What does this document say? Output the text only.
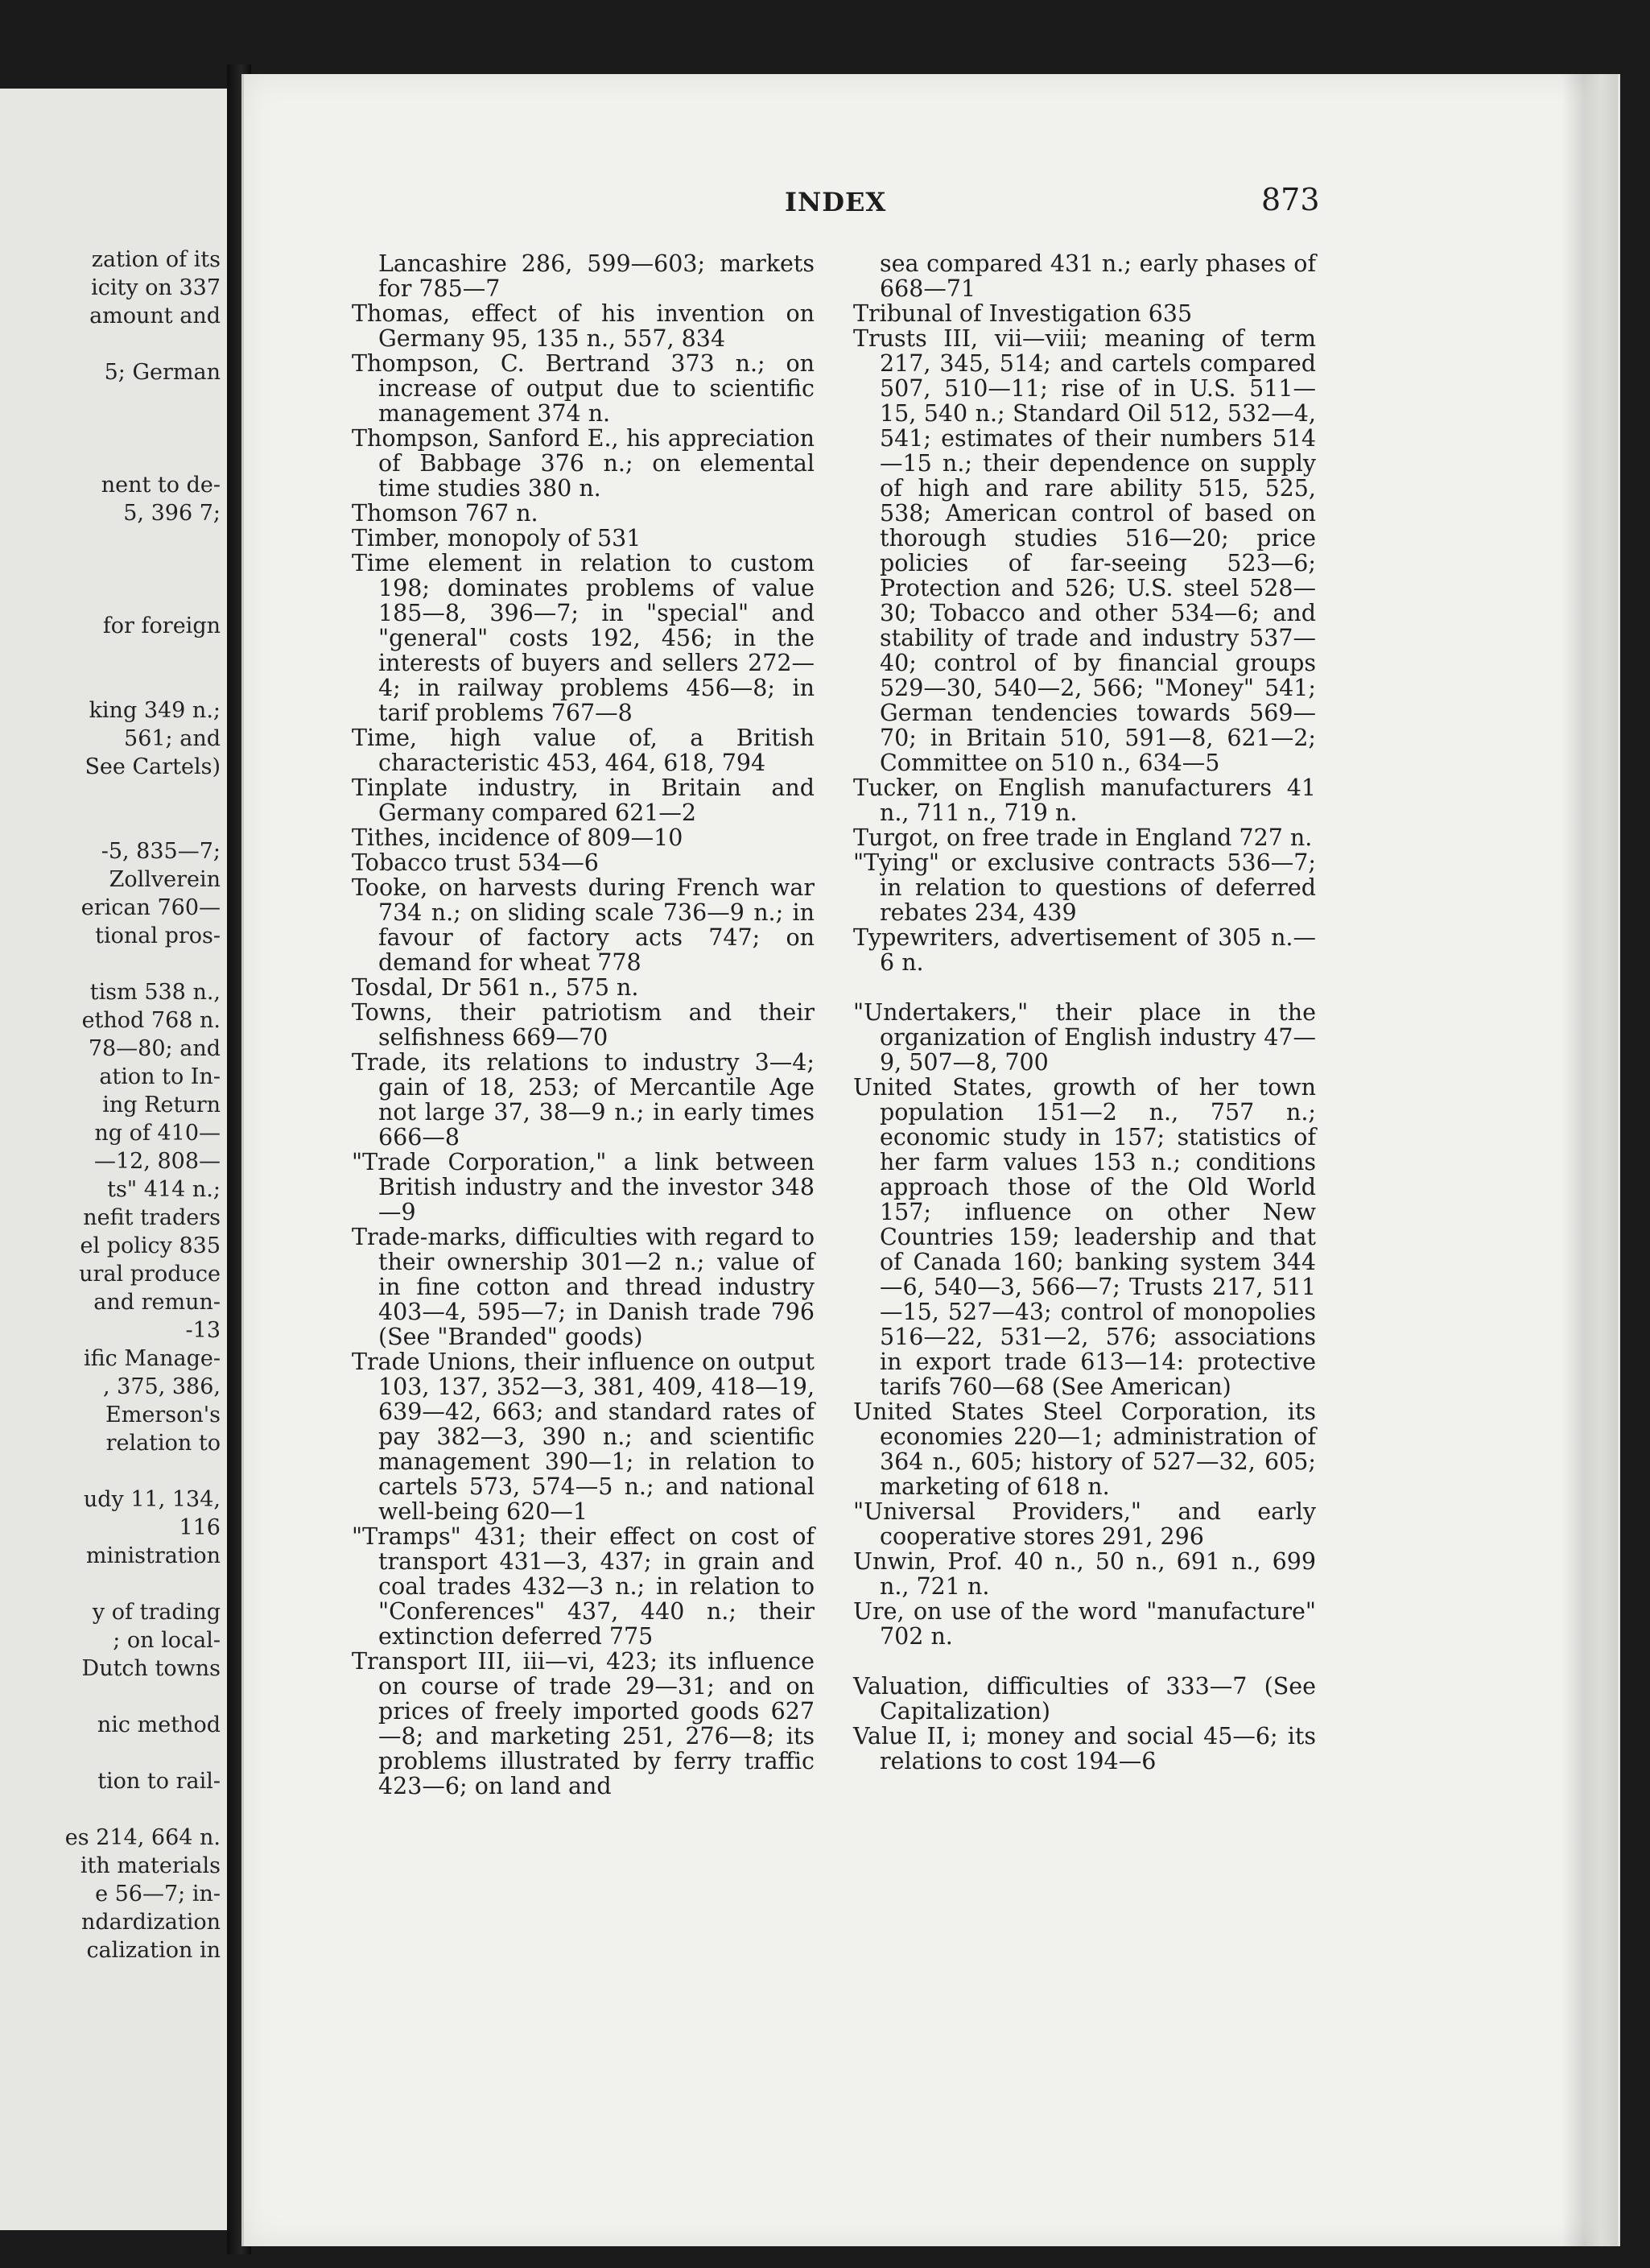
zation of its
icity on 337
amount and
5; German
nent to de-
5, 396 7;
for foreign
king 349 n.;
561; and
See Cartels)
-5, 835—7;
Zollverein
erican 760—
tional pros-
tism 538 n.,
ethod 768 n.
78—80; and
ation to In-
ing Return
ng of 410—
—12, 808—
ts" 414 n.;
nefit traders
el policy 835
ural produce
and remun-
-13
ific Manage-
, 375, 386,
Emerson's
relation to
udy 11, 134,
116
ministration
y of trading
; on local-
Dutch towns
nic method
tion to rail-
es 214, 664 n.
ith materials
e 56—7; in-
ndardization
calization in
INDEX	873

Lancashire 286, 599—603; markets for 785—7

Thomas, effect of his invention on Germany 95, 135 n., 557, 834

Thompson, C. Bertrand 373 n.; on increase of output due to scientific management 374 n.

Thompson, Sanford E., his appreciation of Babbage 376 n.; on elemental time studies 380 n.

Thomson 767 n.

Timber, monopoly of 531

Time element in relation to custom 198; dominates problems of value 185—8, 396—7; in "special" and "general" costs 192, 456; in the interests of buyers and sellers 272—4; in railway problems 456—8; in tarif problems 767—8

Time, high value of, a British characteristic 453, 464, 618, 794

Tinplate industry, in Britain and Germany compared 621—2

Tithes, incidence of 809—10

Tobacco trust 534—6

Tooke, on harvests during French war 734 n.; on sliding scale 736—9 n.; in favour of factory acts 747; on demand for wheat 778

Tosdal, Dr 561 n., 575 n.

Towns, their patriotism and their selfishness 669—70

Trade, its relations to industry 3—4; gain of 18, 253; of Mercantile Age not large 37, 38—9 n.; in early times 666—8

"Trade Corporation," a link between British industry and the investor 348—9

Trade-marks, difficulties with regard to their ownership 301—2 n.; value of in fine cotton and thread industry 403—4, 595—7; in Danish trade 796 (See "Branded" goods)

Trade Unions, their influence on output 103, 137, 352—3, 381, 409, 418—19, 639—42, 663; and standard rates of pay 382—3, 390 n.; and scientific management 390—1; in relation to cartels 573, 574—5 n.; and national well-being 620—1

"Tramps" 431; their effect on cost of transport 431—3, 437; in grain and coal trades 432—3 n.; in relation to "Conferences" 437, 440 n.; their extinction deferred 775

Transport III, iii—vi, 423; its influence on course of trade 29—31; and on prices of freely imported goods 627—8; and marketing 251, 276—8; its problems illustrated by ferry traffic 423—6; on land and

sea compared 431 n.; early phases of 668—71

Tribunal of Investigation 635

Trusts III, vii—viii; meaning of term 217, 345, 514; and cartels compared 507, 510—11; rise of in U.S. 511—15, 540 n.; Standard Oil 512, 532—4, 541; estimates of their numbers 514—15 n.; their dependence on supply of high and rare ability 515, 525, 538; American control of based on thorough studies 516—20; price policies of far-seeing 523—6; Protection and 526; U.S. steel 528—30; Tobacco and other 534—6; and stability of trade and industry 537—40; control of by financial groups 529—30, 540—2, 566; "Money" 541; German tendencies towards 569—70; in Britain 510, 591—8, 621—2; Committee on 510 n., 634—5

Tucker, on English manufacturers 41 n., 711 n., 719 n.

Turgot, on free trade in England 727 n.

"Tying" or exclusive contracts 536—7; in relation to questions of deferred rebates 234, 439

Typewriters, advertisement of 305 n.—6 n.

"Undertakers," their place in the organization of English industry 47—9, 507—8, 700

United States, growth of her town population 151—2 n., 757 n.; economic study in 157; statistics of her farm values 153 n.; conditions approach those of the Old World 157; influence on other New Countries 159; leadership and that of Canada 160; banking system 344—6, 540—3, 566—7; Trusts 217, 511—15, 527—43; control of monopolies 516—22, 531—2, 576; associations in export trade 613—14: protective tarifs 760—68 (See American)

United States Steel Corporation, its economies 220—1; administration of 364 n., 605; history of 527—32, 605; marketing of 618 n.

"Universal Providers," and early cooperative stores 291, 296

Unwin, Prof. 40 n., 50 n., 691 n., 699 n., 721 n.

Ure, on use of the word "manufacture" 702 n.

Valuation, difficulties of 333—7 (See Capitalization)

Value II, i; money and social 45—6; its relations to cost 194—6
